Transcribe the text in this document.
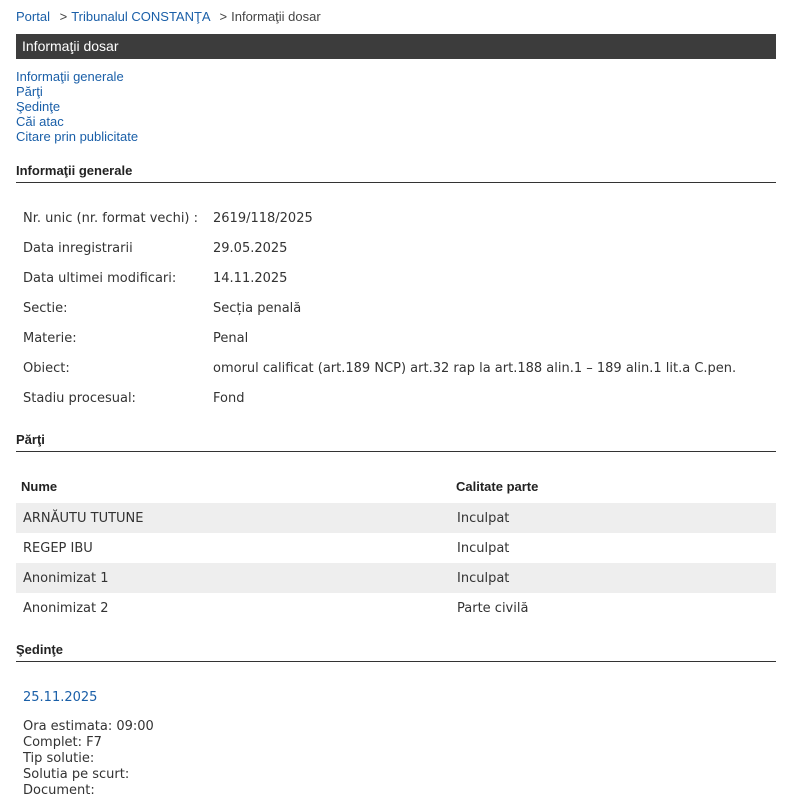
Portal > Tribunalul CONSTANŢA > Informaţii dosar
Informaţii dosar
Informaţii generale
Părţi
Şedinţe
Căi atac
Citare prin publicitate
Informaţii generale
Nr. unic (nr. format vechi) : 2619/118/2025
Data inregistrarii	29.05.2025
Data ultimei modificari:	14.11.2025
Sectie:	Secția penală
Materie:	Penal
Obiect:	omorul calificat (art.189 NCP) art.32 rap la art.188 alin.1 – 189 alin.1 lit.a C.pen.
Stadiu procesual:	Fond
Părţi
Nume	Calitate parte
ARNĂUTU TUTUNE	Inculpat
REGEP IBU	Inculpat
Anonimizat 1	Inculpat
Anonimizat 2	Parte civilă
Şedinţe
25.11.2025
Ora estimata: 09:00
Complet: F7
Tip solutie:
Solutia pe scurt:
Document:
